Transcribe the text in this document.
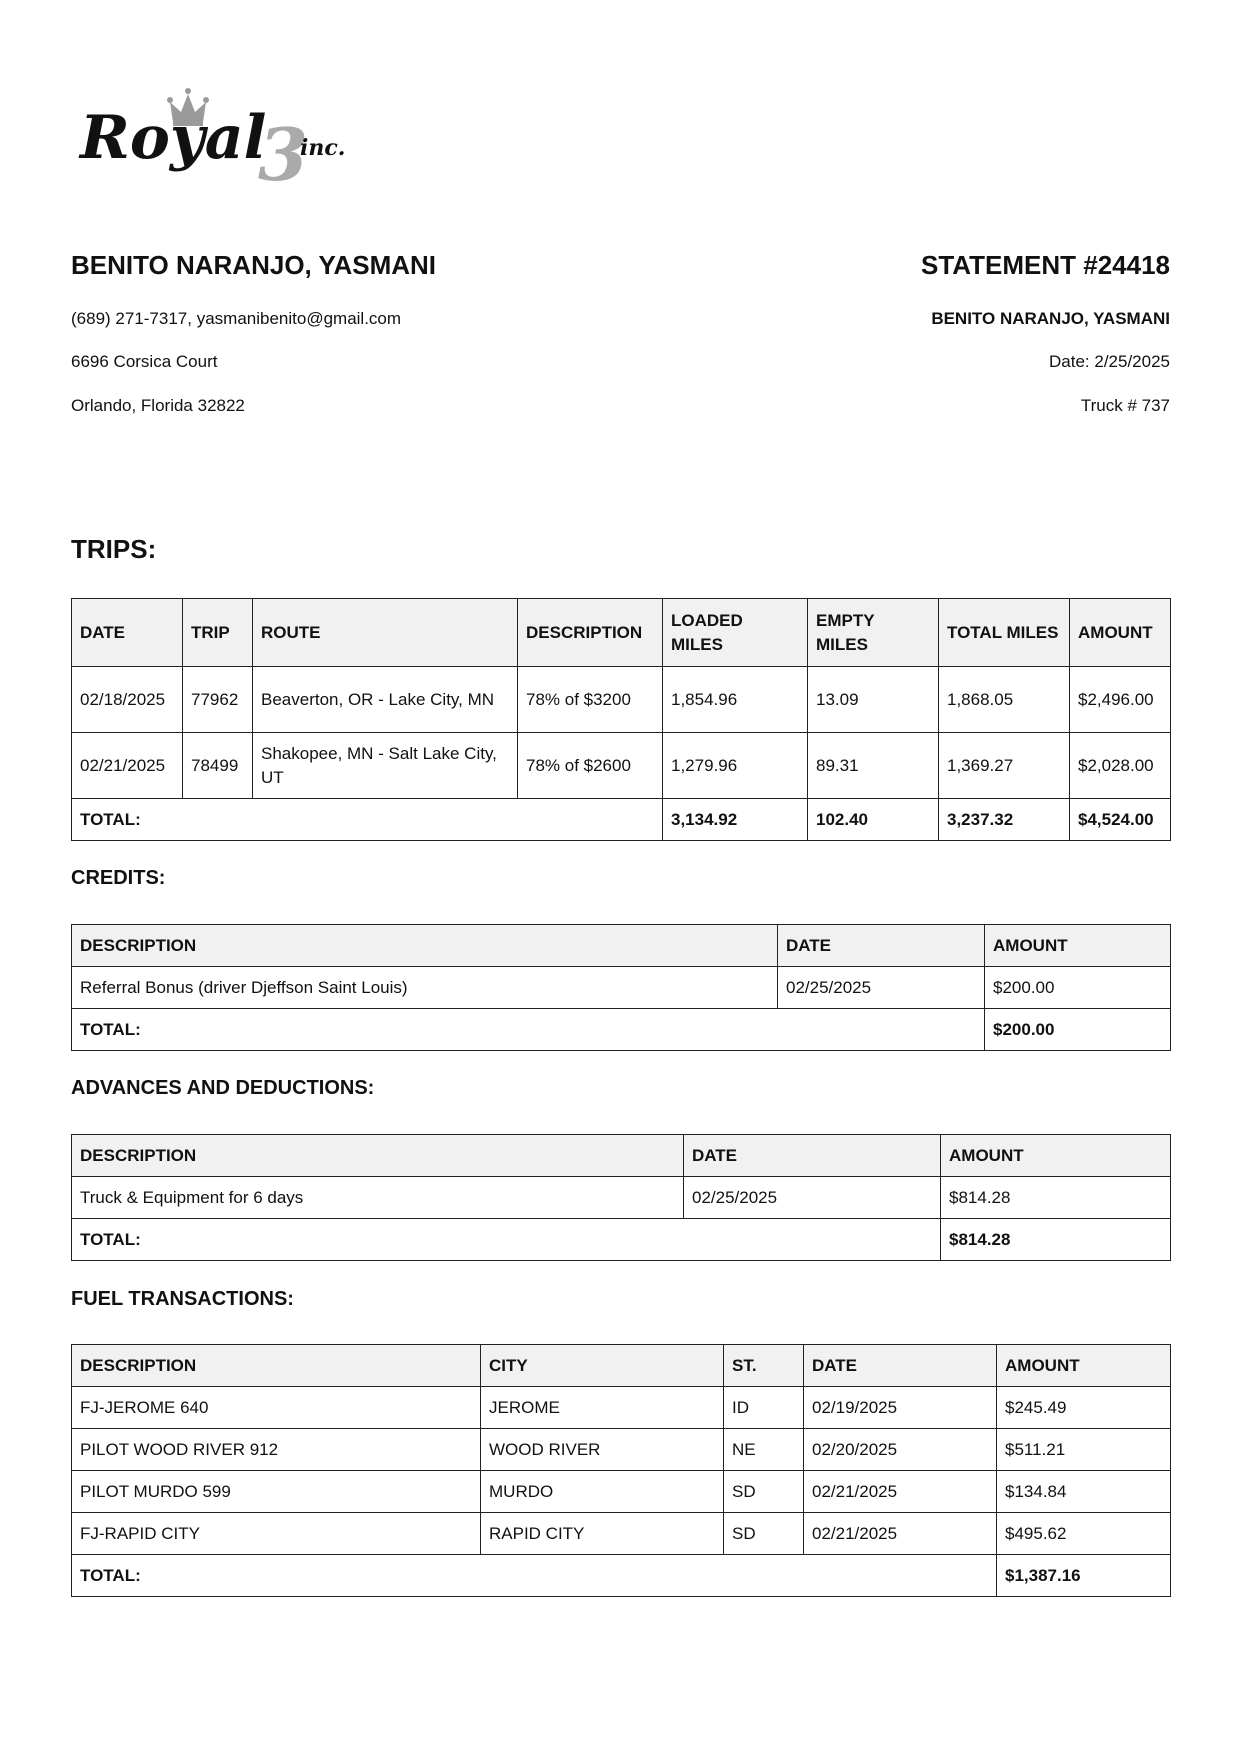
Royal
3
inc.
BENITO NARANJO, YASMANI	STATEMENT #24418
(689) 271-7317, yasmanibenito@gmail.com
6696 Corsica Court
Orlando, Florida 32822
BENITO NARANJO, YASMANI
Date: 2/25/2025
Truck # 737
TRIPS:
DATE	TRIP	ROUTE	DESCRIPTION	LOADED MILES	EMPTY MILES	TOTAL MILES	AMOUNT
02/18/2025	77962	Beaverton, OR - Lake City, MN	78% of $3200	1,854.96	13.09	1,868.05	$2,496.00
02/21/2025	78499	Shakopee, MN - Salt Lake City, UT	78% of $2600	1,279.96	89.31	1,369.27	$2,028.00
TOTAL:				3,134.92	102.40	3,237.32	$4,524.00
CREDITS:
DESCRIPTION	DATE	AMOUNT
Referral Bonus (driver Djeffson Saint Louis)	02/25/2025	$200.00
TOTAL:		$200.00
ADVANCES AND DEDUCTIONS:
DESCRIPTION	DATE	AMOUNT
Truck & Equipment for 6 days	02/25/2025	$814.28
TOTAL:		$814.28
FUEL TRANSACTIONS:
DESCRIPTION	CITY	ST.	DATE	AMOUNT
FJ-JEROME 640	JEROME	ID	02/19/2025	$245.49
PILOT WOOD RIVER 912	WOOD RIVER	NE	02/20/2025	$511.21
PILOT MURDO 599	MURDO	SD	02/21/2025	$134.84
FJ-RAPID CITY	RAPID CITY	SD	02/21/2025	$495.62
TOTAL:				$1,387.16
